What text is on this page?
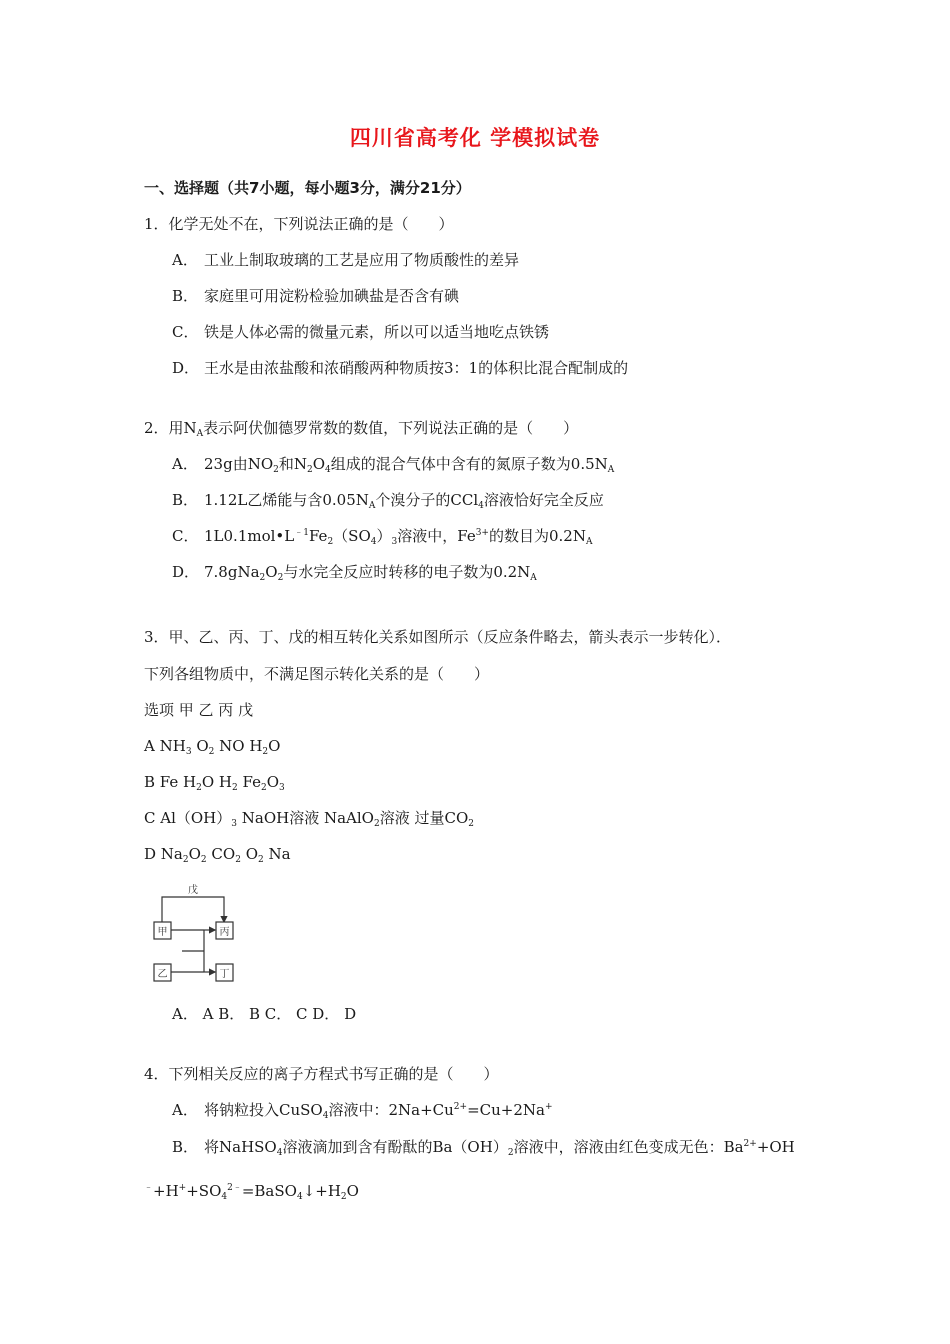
四川省高考化 学模拟试卷
一、选择题（共7小题，每小题3分，满分21分）
1．化学无处不在，下列说法正确的是（　　）
A． 工业上制取玻璃的工艺是应用了物质酸性的差异
B． 家庭里可用淀粉检验加碘盐是否含有碘
C． 铁是人体必需的微量元素，所以可以适当地吃点铁锈
D． 王水是由浓盐酸和浓硝酸两种物质按3：1的体积比混合配制成的
2．用$N_A$表示阿伏伽德罗常数的数值，下列说法正确的是（　　）
A． 23g由$NO_2$和$N_2O_4$组成的混合气体中含有的氮原子数为$0.5N_A$
B． 1.12L乙烯能与含$0.05N_A$个溴分子的CCl$_4$溶液恰好完全反应
C． $1L0.1mol•L^{﹣1}Fe_2(SO_4)_3$溶液中，$Fe^{3+}$的数目为$0.2N_A$
D． $7.8gNa_2O_2$与水完全反应时转移的电子数为$0.2N_A$
3．甲、乙、丙、丁、戊的相互转化关系如图所示（反应条件略去，箭头表示一步转化）．
下列各组物质中，不满足图示转化关系的是（　　）
选项 甲 乙 丙 戊
A $NH_3$ $O_2$ NO $H_2O$
B Fe $H_2O$ $H_2$ $Fe_2O_3$
C $Al(OH)_3$ NaOH溶液 NaAlO$_2$溶液 过量$CO_2$
D $Na_2O_2$ $CO_2$ $O_2$ Na
戊
甲	丙
乙	丁
A． A B． B C． C D． D
4．下列相关反应的离子方程式书写正确的是（　　）
A． 将钠粒投入CuSO$_4$溶液中：$2Na+Cu^{2+}=Cu+2Na^+$
B． 将NaHSO$_4$溶液滴加到含有酚酞的$Ba(OH)_2$溶液中，溶液由红色变成无色：$Ba^{2+}+OH$
$^﹣+H^++SO_4^{2﹣}=BaSO_4↓+H_2O$
